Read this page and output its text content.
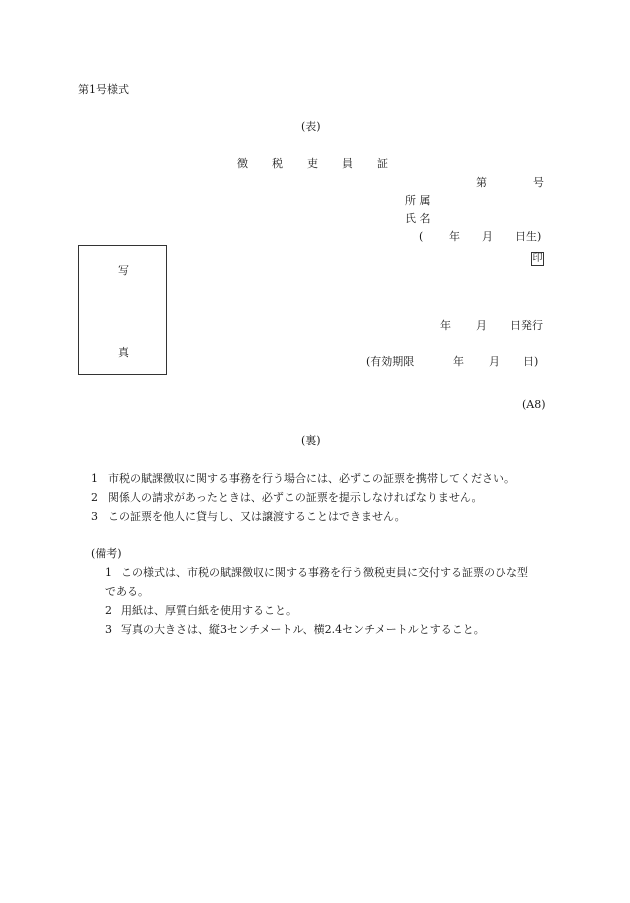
第1号様式
(表)
徴 税 吏 員 証
第	号
所 属
氏 名
( 年 月 日生)
印
写
真
年 月 日発行
(有効期限	年 月 日)
(A8)
(裏)
1 市税の賦課徴収に関する事務を行う場合には、必ずこの証票を携帯してください。
2 関係人の請求があったときは、必ずこの証票を提示しなければなりません。
3 この証票を他人に貸与し、又は譲渡することはできません。
(備考)
1 この様式は、市税の賦課徴収に関する事務を行う徴税吏員に交付する証票のひな型
である。
2 用紙は、厚質白紙を使用すること。
3 写真の大きさは、縦3センチメートル、横2.4センチメートルとすること。
